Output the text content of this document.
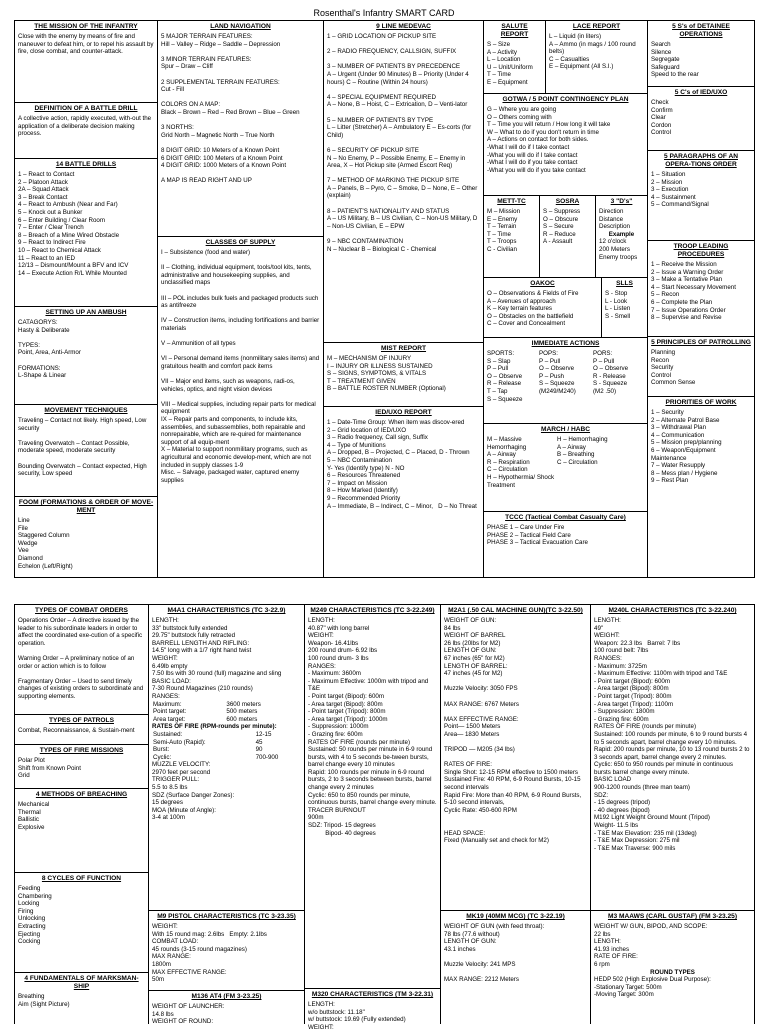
Rosenthal's Infantry SMART CARD
THE MISSION OF THE INFANTRY
Close with the enemy by means of fire and maneuver to defeat him, or to repel his assault by fire, close combat, and counter-attack.
DEFINITION OF A BATTLE DRILL
A collective action, rapidly executed, with-out the application of a deliberate decision making process.
14 BATTLE DRILLS
1 – React to Contact
2 – Platoon Attack
2A – Squad Attack
3 – Break Contact
4 – React to Ambush (Near and Far)
5 – Knock out a Bunker
6 – Enter Building / Clear Room
7 – Enter / Clear Trench
8 – Breach of a Mine Wired Obstacle
9 – React to Indirect Fire
10 – React to Chemical Attack
11 – React to an IED
12/13 – Dismount/Mount a BFV and ICV
14 – Execute Action R/L While Mounted
SETTING UP AN AMBUSH
CATAGORYS:
Hasty & Deliberate

TYPES:
Point, Area, Anti-Armor

FORMATIONS:
L-Shape & Linear
MOVEMENT TECHNIQUES
Traveling – Contact not likely. High speed, Low security

Traveling Overwatch – Contact Possible, moderate speed, moderate security

Bounding Overwatch – Contact expected, High security, Low speed
FOOM (FORMATIONS & ORDER OF MOVE-MENT
Line
File
Staggered Column
Wedge
Vee
Diamond
Echelon (Left/Right)
LAND NAVIGATION
5 MAJOR TERRAIN FEATURES:
Hill – Valley – Ridge – Saddle – Depression

3 MINOR TERRAIN FEATURES:
Spur – Draw – Cliff

2 SUPPLEMENTAL TERRAIN FEATURES:
Cut - Fill

COLORS ON A MAP:
Black – Brown – Red – Red Brown – Blue – Green

3 NORTHS:
Grid North – Magnetic North – True North

8 DIGIT GRID: 10 Meters of a Known Point
6 DIGIT GRID: 100 Meters of a Known Point
4 DIGIT GRID: 1000 Meters of a Known Point

A MAP IS READ RIGHT AND UP
CLASSES OF SUPPLY
I – Subsistence (food and water)

II – Clothing, individual equipment, tools/tool kits, tents, administrative and housekeeping supplies, and unclassified maps

III – POL includes bulk fuels and packaged products such as antifreeze

IV – Construction items, including fortifications and barrier materials

V – Ammunition of all types

VI – Personal demand items (nonmilitary sales items) and gratuitous health and comfort pack items

VII – Major end items, such as weapons, radi-os, vehicles, optics, and night vision devices

VIII – Medical supplies, including repair parts for medical equipment
IX – Repair parts and components, to include kits, assemblies, and subassemblies, both repairable and nonrepairable, which are re-quired for maintenance support of all equip-ment
X – Material to support nonmilitary programs, such as agricultural and economic develop-ment, which are not included in supply classes 1-9
Misc. – Salvage, packaged water, captured enemy supplies
9 LINE MEDEVAC
1 – GRID LOCATION OF PICKUP SITE

2 – RADIO FREQUENCY, CALLSIGN, SUFFIX

3 – NUMBER OF PATIENTS BY PRECEDENCE
A – Urgent (Under 90 Minutes) B – Priority (Under 4 hours) C – Routine (Within 24 hours)

4 – SPECIAL EQUIPMENT REQUIRED
A – None, B – Hoist, C – Extrication, D – Venti-lator

5 – NUMBER OF PATIENTS BY TYPE
L – Litter (Stretcher) A – Ambulatory E – Es-corts (for Child)

6 – SECURITY OF PICKUP SITE
N – No Enemy, P – Possible Enemy, E – Enemy in Area, X – Hot Pickup site (Armed Escort Req)

7 – METHOD OF MARKING THE PICKUP SITE
A – Panels, B – Pyro, C – Smoke, D – None, E – Other (explain)

8 – PATIENT'S NATIONALITY AND STATUS
A – US Military, B – US Civilian, C – Non-US Military, D – Non-US Civilian, E – EPW

9 – NBC CONTAMINATION
N – Nuclear B – Biological C - Chemical
MIST REPORT
M – MECHANISM OF INJURY
I – INJURY OR ILLNESS SUSTAINED
S – SIGNS, SYMPTOMS, & VITALS
T – TREATMENT GIVEN
B – BATTLE ROSTER NUMBER (Optional)
IED/UXO REPORT
1 – Date-Time Group: When item was discov-ered
2 – Grid location of IED/UXO
3 – Radio frequency, Call sign, Suffix
4 – Type of Munitions
A – Dropped, B – Projected, C – Placed, D - Thrown
5 – NBC Contamination
Y- Yes (Identify type) N - NO
6 – Resources Threatened
7 – Impact on Mission
8 – How Marked (Identify)
9 – Recommended Priority
A – Immediate, B – Indirect, C – Minor,   D – No Threat
SALUTE REPORT
S – Size
A – Activity
L – Location
U – Unit/Uniform
T – Time
E – Equipment
LACE REPORT
L – Liquid (in liters)
A – Ammo (in mags / 100 round belts)
C – Casualties
E – Equipment (All S.I.)
GOTWA / 5 POINT CONTINGENCY PLAN
G – Where you are going
O – Others coming with
T – Time you will return / How long it will take
W – What to do if you don't return in time
A – Actions on contact for both sides.
-What I will do if I take contact
-What you will do if I take contact
-What I will do if you take contact
-What you will do if you take contact
METT-TC
M – Mission
E – Enemy
T – Terrain
T – Time
T – Troops
C - Civilian
SOSRA
S – Suppress
O – Obscure
S – Secure
R – Reduce
A - Assault
3 "D's"
Direction
Distance
Description
Example
12 o'clock
200 Meters
Enemy troops
OAKOC
O – Observations & Fields of Fire
A – Avenues of approach
K – Key terrain features
O – Obstacles on the battlefield
C – Cover and Concealment
SLLS
S - Stop
L - Look
L - Listen
S - Smell
IMMEDIATE ACTIONS
SPORTS:
S – Slap
P – Pull
O – Observe
R – Release
T – Tap
S – Squeeze
POPS:
P – Pull
O – Observe
P – Push
S – Squeeze
(M249/M240)
PORS:
P – Pull
O – Observe
R - Release
S - Squeeze
(M2 .50)
MARCH / HABC
M – Massive Hemorrhaging
A – Airway
R – Respiration
C – Circulation
H – Hypothermia/ Shock Treatment
H – Hemorrhaging
A – Airway
B – Breathing
C – Circulation
TCCC (Tactical Combat Casualty Care)
PHASE 1 – Care Under Fire
PHASE 2 – Tactical Field Care
PHASE 3 – Tactical Evacuation Care
5 S's of DETAINEE OPERATIONS
Search
Silence
Segregate
Safeguard
Speed to the rear
5 C's of IED/UXO
Check
Confirm
Clear
Cordon
Control
5 PARAGRAPHS OF AN OPERA-TIONS ORDER
1 – Situation
2 – Mission
3 – Execution
4 – Sustainment
5 – Command/Signal
TROOP LEADING PROCEDURES
1 – Receive the Mission
2 – Issue a Warning Order
3 – Make a Tentative Plan
4 – Start Necessary Movement
5 – Recon
6 – Complete the Plan
7 – Issue Operations Order
8 – Supervise and Revise
5 PRINCIPLES OF PATROLLING
Planning
Recon
Security
Control
Common Sense
PRIORITIES OF WORK
1 – Security
2 – Alternate Patrol Base
3 – Withdrawal Plan
4 – Communication
5 – Mission prep/planning
6 – Weapon/Equipment Maintenance
7 – Water Resupply
8 – Mess plan / Hygiene
9 – Rest Plan
TYPES OF COMBAT ORDERS
Operations Order – A directive issued by the leader to his subordinate leaders in order to affect the coordinated exe-cution of a specific operation.

Warning Order – A preliminary notice of an order or action which is to follow

Fragmentary Order – Used to send timely changes of existing orders to subordinate and supporting elements.
TYPES OF PATROLS
Combat, Reconnaissance, & Sustain-ment
TYPES OF FIRE MISSIONS
Polar Plot
Shift from Known Point
Grid
4 METHODS OF BREACHING
Mechanical
Thermal
Ballistic
Explosive
8 CYCLES OF FUNCTION
Feeding
Chambering
Locking
Firing
Unlocking
Extracting
Ejecting
Cocking
4 FUNDAMENTALS OF MARKSMAN-SHIP
Breathing
Aim (Sight Picture)
M4A1 CHARACTERISTICS (TC 3-22.9)
LENGTH:
33" buttstock fully extended
29.75" buttstock fully retracted
BARRELL LENGTH AND RIFLING:
14.5" long with a 1/7 right hand twist
WEIGHT:
6.49lb empty
7.50 lbs with 30 round (full) magazine and sling
BASIC LOAD:
7-30 Round Magazines (210 rounds)
RANGES:
Maximum:	3600 meters
Point target:	500 meters
Area target:	600 meters
RATES OF FIRE (RPM-rounds per minute):
Sustained:	12-15
Semi-Auto (Rapid):	45
Burst:	90
Cyclic:	700-900
MUZZLE VELOCITY:
2970 feet per second
TRIGGER PULL:
5.5 to 8.5 lbs
SDZ (Surface Danger Zones):
15 degrees
MOA (Minute of Angle):
3-4 at 100m
M9 PISTOL CHARACTERISTICS (TC 3-23.35)
WEIGHT:
With 15 round mag: 2.6lbs   Empty: 2.1lbs
COMBAT LOAD:
45 rounds (3-15 round magazines)
MAX RANGE:
1800m
MAX EFFECTIVE RANGE:
50m
M136 AT4 (FM 3-23.25)
WEIGHT OF LAUNCHER:
14.8 lbs
WEIGHT OF ROUND:
M249 CHARACTERISTICS (TC 3-22.249)
LENGTH:
40.87" with long barrel
WEIGHT:
Weapon- 16.41lbs
200 round drum- 6.92 lbs
100 round drum- 3 lbs
RANGES:
- Maximum: 3600m
- Maximum Effective: 1000m with tripod and T&E
- Point target (Bipod): 600m
- Area target (Bipod): 800m
- Point target (Tripod): 800m
- Area target (Tripod): 1000m
- Suppression: 1000m
- Grazing fire: 600m
RATES OF FIRE (rounds per minute)
Sustained: 50 rounds per minute in 6-9 round bursts, with 4 to 5 seconds be-tween bursts, barrel change every 10 minutes
Rapid: 100 rounds per minute in 6-9 round bursts, 2 to 3 seconds between bursts, barrel change every 2 minutes
Cyclic: 650 to 850 rounds per minute, continuous bursts, barrel change every minute.
TRACER BURNOUT
900m
SDZ: Tripod- 15 degrees
Bipod- 40 degrees
M320 CHARACTERISTICS (TM 3-22.31)
LENGTH:
w/o buttstock: 11.18"
w/ buttstock: 19.69 (Fully extended)
WEIGHT:
M2A1 (.50 CAL MACHINE GUN)(TC 3-22.50)
WEIGHT OF GUN:
84 lbs
WEIGHT OF BARREL
26 lbs (20lbs for M2)
LENGTH OF GUN:
67 inches (65" for M2)
LENGTH OF BARREL:
47 inches (45 for M2)

Muzzle Velocity: 3050 FPS

MAX RANGE: 6767 Meters

MAX EFFECTIVE RANGE:
Point— 1500 Meters
Area— 1830 Meters

TRIPOD — M205 (34 lbs)

RATES OF FIRE:
Single Shot: 12-15 RPM effective to 1500 meters
Sustained Fire: 40 RPM, 6-9 Round Bursts, 10-15 second intervals
Rapid Fire: More than 40 RPM, 6-9 Round Bursts, 5-10 second intervals,
Cyclic Rate: 450-600 RPM

HEAD SPACE:
Fixed (Manually set and check for M2)
MK19 (40MM MCG) (TC 3-22.19)
WEIGHT OF GUN (with feed throat):
78 lbs (77.6 without)
LENGTH OF GUN:
43.1 inches

Muzzle Velocity: 241 MPS

MAX RANGE: 2212 Meters
M240L CHARACTERISTICS (TC 3-22.240)
LENGTH:
49"
WEIGHT:
Weapon: 22.3 lbs   Barrel: 7 lbs
100 round belt: 7lbs
RANGES:
- Maximum: 3725m
- Maximum Effective: 1100m with tripod and T&E
- Point target (Bipod): 600m
- Area target (Bipod): 800m
- Point target (Tripod): 800m
- Area target (Tripod): 1100m
- Suppression: 1800m
- Grazing fire: 600m
RATES OF FIRE (rounds per minute)
Sustained: 100 rounds per minute, 6 to 9 round bursts 4 to 5 seconds apart, barrel change every 10 minutes.
Rapid: 200 rounds per minute, 10 to 13 round bursts 2 to 3 seconds apart, barrel change every 2 minutes.
Cyclic: 650 to 950 rounds per minute in continuous bursts barrel change every minute.
BASIC LOAD
900-1200 rounds (three man team)
SDZ:
- 15 degrees (tripod)
- 40 degrees (bipod)
M192 Light Weight Ground Mount (Tripod)
Weight- 11.5 lbs
- T&E Max Elevation: 235 mil (13deg)
- T&E Max Depression: 275 mil
- T&E Max Traverse: 900 mils
M3 MAAWS (CARL GUSTAF) (FM 3-23.25)
WEIGHT W/ GUN, BIPOD, AND SCOPE:
22 lbs
LENGTH:
41.93 inches
RATE OF FIRE:
6 rpm
ROUND TYPES
HEDP 502 (High Explosive Dual Purpose):
-Stationary Target: 500m
-Moving Target: 300m
